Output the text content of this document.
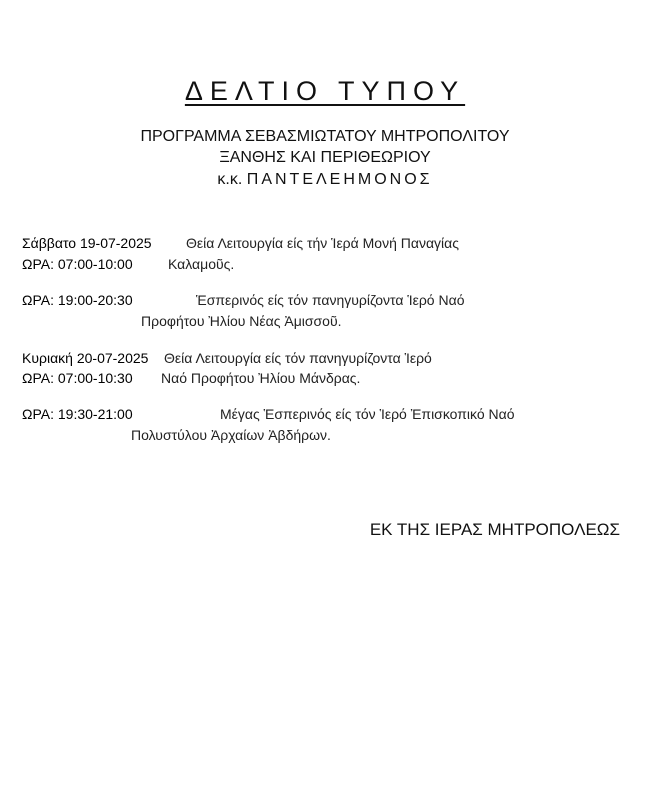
ΔΕΛΤΙΟ ΤΥΠΟΥ
ΠΡΟΓΡΑΜΜΑ ΣΕΒΑΣΜΙΩΤΑΤΟΥ ΜΗΤΡΟΠΟΛΙΤΟΥ
ΞΑΝΘΗΣ ΚΑΙ ΠΕΡΙΘΕΩΡΙΟΥ
κ.κ. ΠΑΝΤΕΛΕΗΜΟΝΟΣ
Σάββατο 19-07-2025 Θεία Λειτουργία είς τήν Ἱερά Μονή Παναγίας
ΩΡΑ: 07:00-10:00	Καλαμοῦς.
ΩΡΑ: 19:00-20:30	Ἑσπερινός είς τόν πανηγυρίζοντα Ἱερό Ναό
Προφήτου Ἠλίου Νέας Ἀμισσοῦ.
Κυριακή 20-07-2025 Θεία Λειτουργία είς τόν πανηγυρίζοντα Ἱερό
ΩΡΑ: 07:00-10:30 Ναό Προφήτου Ἠλίου Μάνδρας.
ΩΡΑ: 19:30-21:00	Μέγας Ἑσπερινός είς τόν Ἱερό Ἐπισκοπικό Ναό
Πολυστύλου Ἀρχαίων Ἀβδήρων.
ΕΚ ΤΗΣ ΙΕΡΑΣ ΜΗΤΡΟΠΟΛΕΩΣ
